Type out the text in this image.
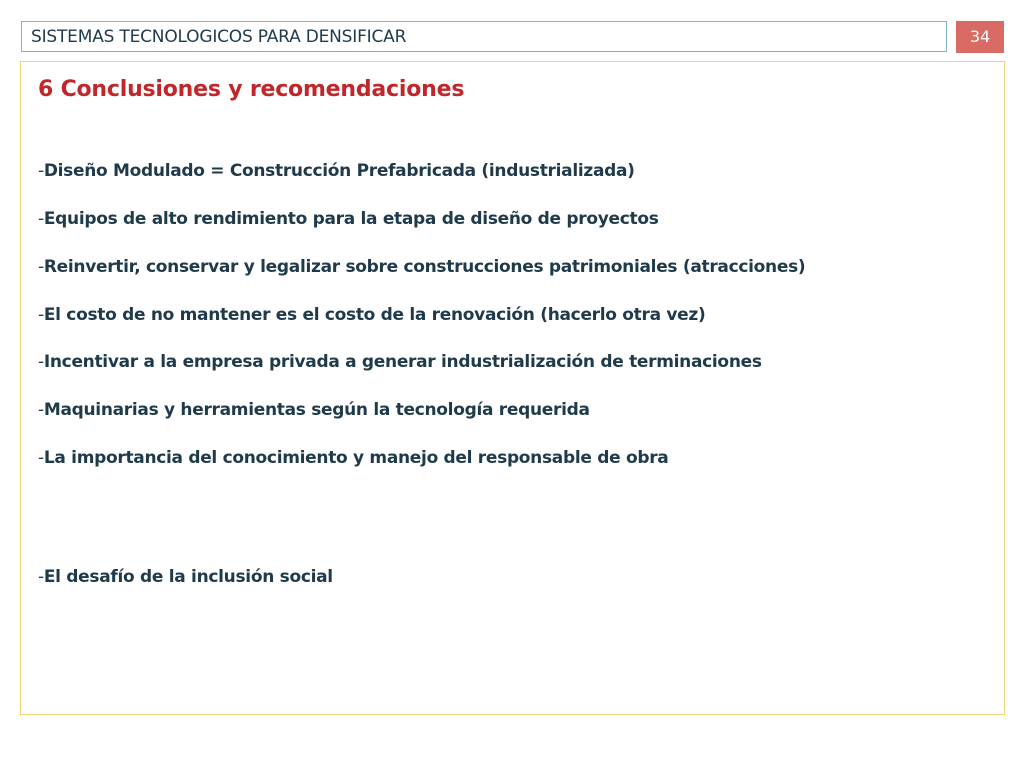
SISTEMAS TECNOLOGICOS PARA DENSIFICAR	34
6 Conclusiones y recomendaciones
-Diseño Modulado = Construcción Prefabricada (industrializada)
-Equipos de alto rendimiento para la etapa de diseño de proyectos
-Reinvertir, conservar y legalizar sobre construcciones patrimoniales (atracciones)
-El costo de no mantener es el costo de la renovación (hacerlo otra vez)
-Incentivar a la empresa privada a generar industrialización de terminaciones
-Maquinarias y herramientas según la tecnología requerida
-La importancia del conocimiento y manejo del responsable de obra
-El desafío de la inclusión social
